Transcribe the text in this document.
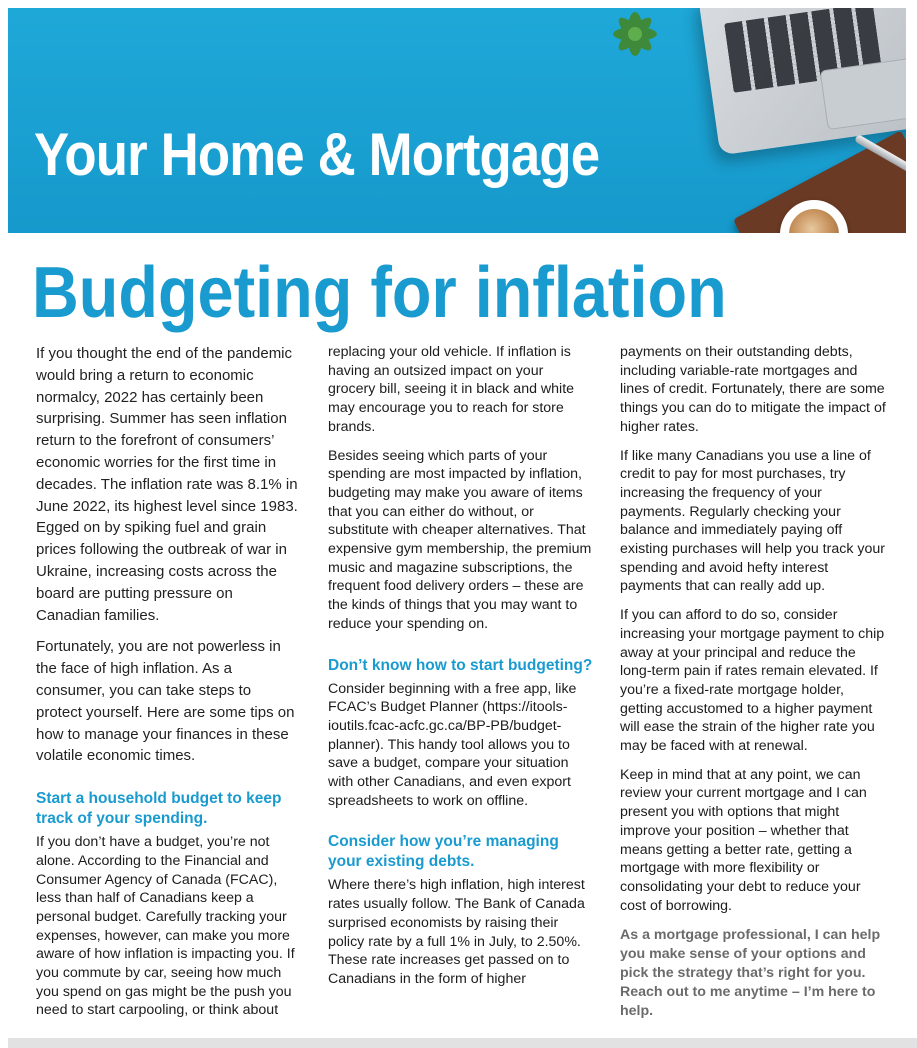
Your Home & Mortgage
Budgeting for inflation

If you thought the end of the pandemic would bring a return to economic normalcy, 2022 has certainly been surprising. Summer has seen inflation return to the forefront of consumers’ economic worries for the first time in decades. The inflation rate was 8.1% in June 2022, its highest level since 1983. Egged on by spiking fuel and grain prices following the outbreak of war in Ukraine, increasing costs across the board are putting pressure on Canadian families.

Fortunately, you are not powerless in the face of high inflation. As a consumer, you can take steps to protect yourself. Here are some tips on how to manage your finances in these volatile economic times.

Start a household budget to keep track of your spending.

If you don’t have a budget, you’re not alone. According to the Financial and Consumer Agency of Canada (FCAC), less than half of Canadians keep a personal budget. Carefully tracking your expenses, however, can make you more aware of how inflation is impacting you. If you commute by car, seeing how much you spend on gas might be the push you need to start carpooling, or think about

replacing your old vehicle. If inflation is having an outsized impact on your grocery bill, seeing it in black and white may encourage you to reach for store brands.

Besides seeing which parts of your spending are most impacted by inflation, budgeting may make you aware of items that you can either do without, or substitute with cheaper alternatives. That expensive gym membership, the premium music and magazine subscriptions, the frequent food delivery orders – these are the kinds of things that you may want to reduce your spending on.

Don’t know how to start budgeting?

Consider beginning with a free app, like FCAC’s Budget Planner (https://itools-ioutils.fcac-acfc.gc.ca/BP-PB/budget-planner). This handy tool allows you to save a budget, compare your situation with other Canadians, and even export spreadsheets to work on offline.

Consider how you’re managing your existing debts.

Where there’s high inflation, high interest rates usually follow. The Bank of Canada surprised economists by raising their policy rate by a full 1% in July, to 2.50%. These rate increases get passed on to Canadians in the form of higher

payments on their outstanding debts, including variable-rate mortgages and lines of credit. Fortunately, there are some things you can do to mitigate the impact of higher rates.

If like many Canadians you use a line of credit to pay for most purchases, try increasing the frequency of your payments. Regularly checking your balance and immediately paying off existing purchases will help you track your spending and avoid hefty interest payments that can really add up.

If you can afford to do so, consider increasing your mortgage payment to chip away at your principal and reduce the long-term pain if rates remain elevated. If you’re a fixed-rate mortgage holder, getting accustomed to a higher payment will ease the strain of the higher rate you may be faced with at renewal.

Keep in mind that at any point, we can review your current mortgage and I can present you with options that might improve your position – whether that means getting a better rate, getting a mortgage with more flexibility or consolidating your debt to reduce your cost of borrowing.

As a mortgage professional, I can help you make sense of your options and pick the strategy that’s right for you. Reach out to me anytime – I’m here to help.
